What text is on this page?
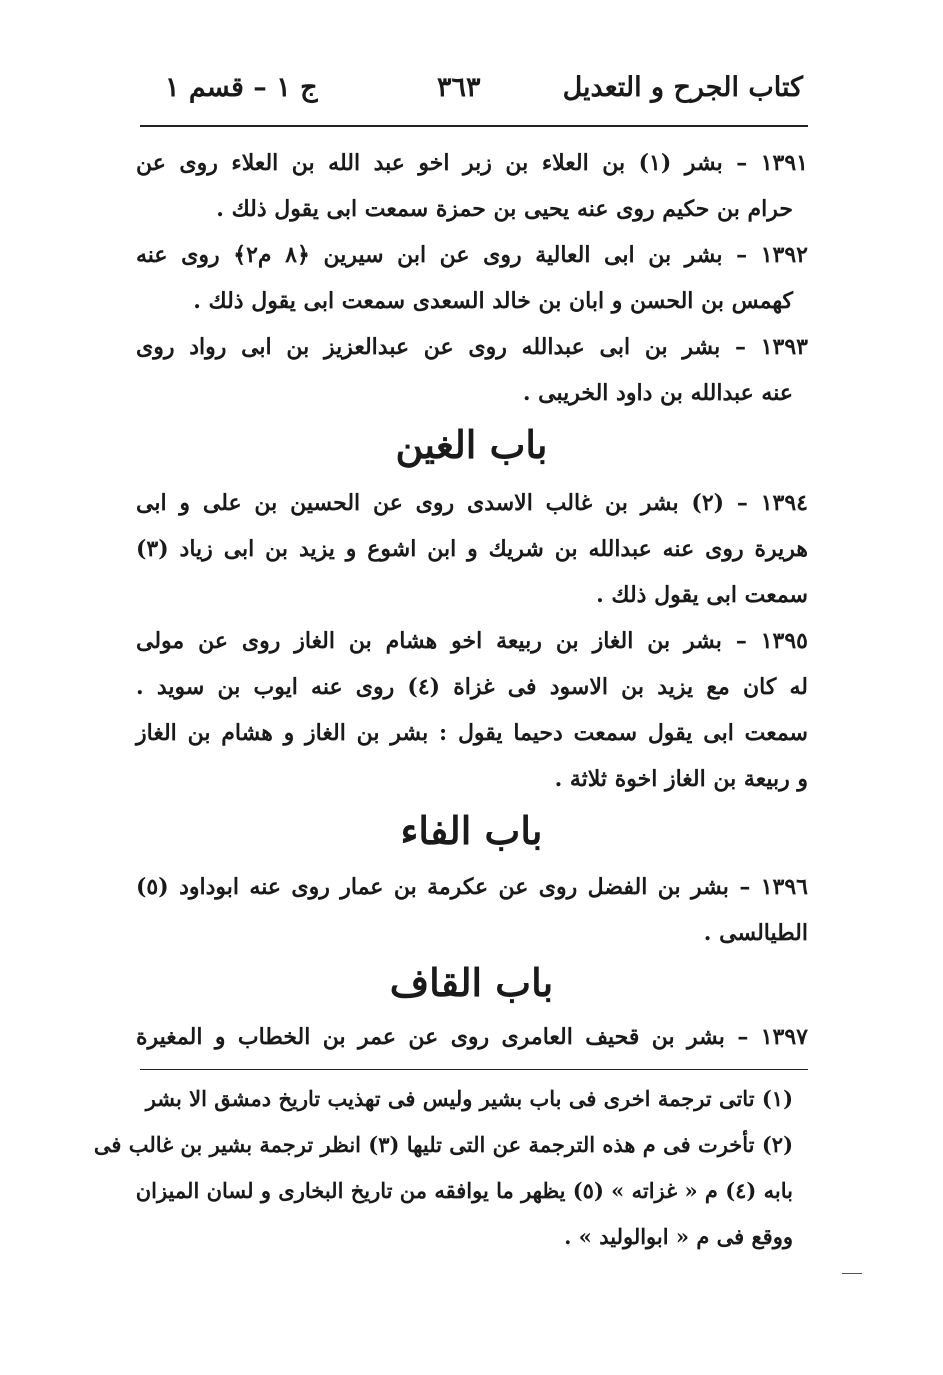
كتاب الجرح و التعديل
٣٦٣
ج ١ – قسم ١
١٣٩١ – بشر (١) بن العلاء بن زبر اخو عبد الله بن العلاء روى عن
حرام بن حكيم روى عنه يحيى بن حمزة سمعت ابى يقول ذلك .
١٣٩٢ – بشر بن ابى العالية روى عن ابن سيرين ﴿٨ م٢﴾ روى عنه
كهمس بن الحسن و ابان بن خالد السعدى سمعت ابى يقول ذلك .
١٣٩٣ – بشر بن ابى عبدالله روى عن عبدالعزيز بن ابى رواد روى
عنه عبدالله بن داود الخريبى .
باب الغين
١٣٩٤ – (٢) بشر بن غالب الاسدى روى عن الحسين بن على و ابى
هريرة روى عنه عبدالله بن شريك و ابن اشوع و يزيد بن ابى زياد (٣)
سمعت ابى يقول ذلك .
١٣٩٥ – بشر بن الغاز بن ربيعة اخو هشام بن الغاز روى عن مولى
له كان مع يزيد بن الاسود فى غزاة (٤) روى عنه ايوب بن سويد .
سمعت ابى يقول سمعت دحيما يقول : بشر بن الغاز و هشام بن الغاز
و ربيعة بن الغاز اخوة ثلاثة .
باب الفاء
١٣٩٦ – بشر بن الفضل روى عن عكرمة بن عمار روى عنه ابوداود (٥)
الطيالسى .
باب القاف
١٣٩٧ – بشر بن قحيف العامرى روى عن عمر بن الخطاب و المغيرة
(١) تاتى ترجمة اخرى فى باب بشير وليس فى تهذيب تاريخ دمشق الا بشر
(٢) تأخرت فى م هذه الترجمة عن التى تليها (٣) انظر ترجمة بشير بن غالب فى
بابه (٤) م « غزاته » (٥) يظهر ما يوافقه من تاريخ البخارى و لسان الميزان
ووقع فى م « ابوالوليد » .
